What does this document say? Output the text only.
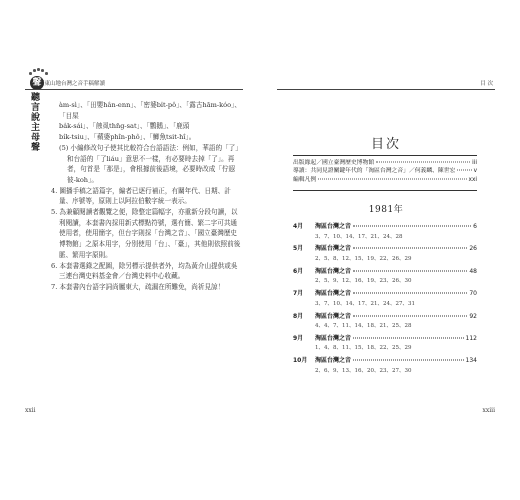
聲
臺東山地台灣之音手稿解讀
聽言說主母聲

àm-sì」、「田嬰hân-enn」、「密婆bi̍t-pô」、「露古hām-kóo」、「目屎

ba̍k-sái」、「蝕虱thn̄g-sat」、「鸚鵝」、「鹿頭

bi̍k-tsiu」、「蘋婆phîn-phô」、「鯽魚tsit-hî」。

(5) 小編修改句子使其比較符合台語語法：例如，華語的「了」和台語的「了liáu」意思不一樣，有必要時去掉「了」。再者，句首是「那是」，會根據前後語境，必要時改成「佇遐彼-koh」。

4. 圖播手稿之語篇字，編者已逐行補正，有關年代、日期、計量、序號等，原則上以阿拉伯數字統一表示。

5. 為兼顧閱讀者觀覽之便，除整定篇幅字，亦重新分段句讀，以利閱讀，本套書內採用新式標點符號，選有簡、繁二字可共通使用者，使用簡字，但台字則採「台灣之音」、「國立臺灣歷史博物館」之原本用字，分別使用「台」、「臺」，其他則依照前後脈、繁用字原則。

6. 本套書選錄之配圖，除另標示提供者外，均為黃介山提供或吳三連台灣史料基金會／台灣史料中心收藏。

7. 本套書內台語字詞尚屬東大，疏漏在所難免，尚祈見諒！

xxii
目 次
目次
出版緣起／國立臺灣歷史博物館	iii
導讀：共同見證關鍵年代的「淘區台灣之音」／何義麟、陳世宏	v
編輯凡例	xxi
1981年
4月	淘區台灣之音	6
3、7、10、14、17、21、24、28
5月	淘區台灣之音	26
2、5、8、12、15、19、22、26、29
6月	淘區台灣之音	48
2、5、9、12、16、19、23、26、30
7月	淘區台灣之音	70
3、7、10、14、17、21、24、27、31
8月	淘區台灣之音	92
4、4、7、11、14、18、21、25、28
9月	淘區台灣之音	112
1、4、8、11、15、18、22、25、29
10月	淘區台灣之音	134
2、6、9、13、16、20、23、27、30
xxiii
